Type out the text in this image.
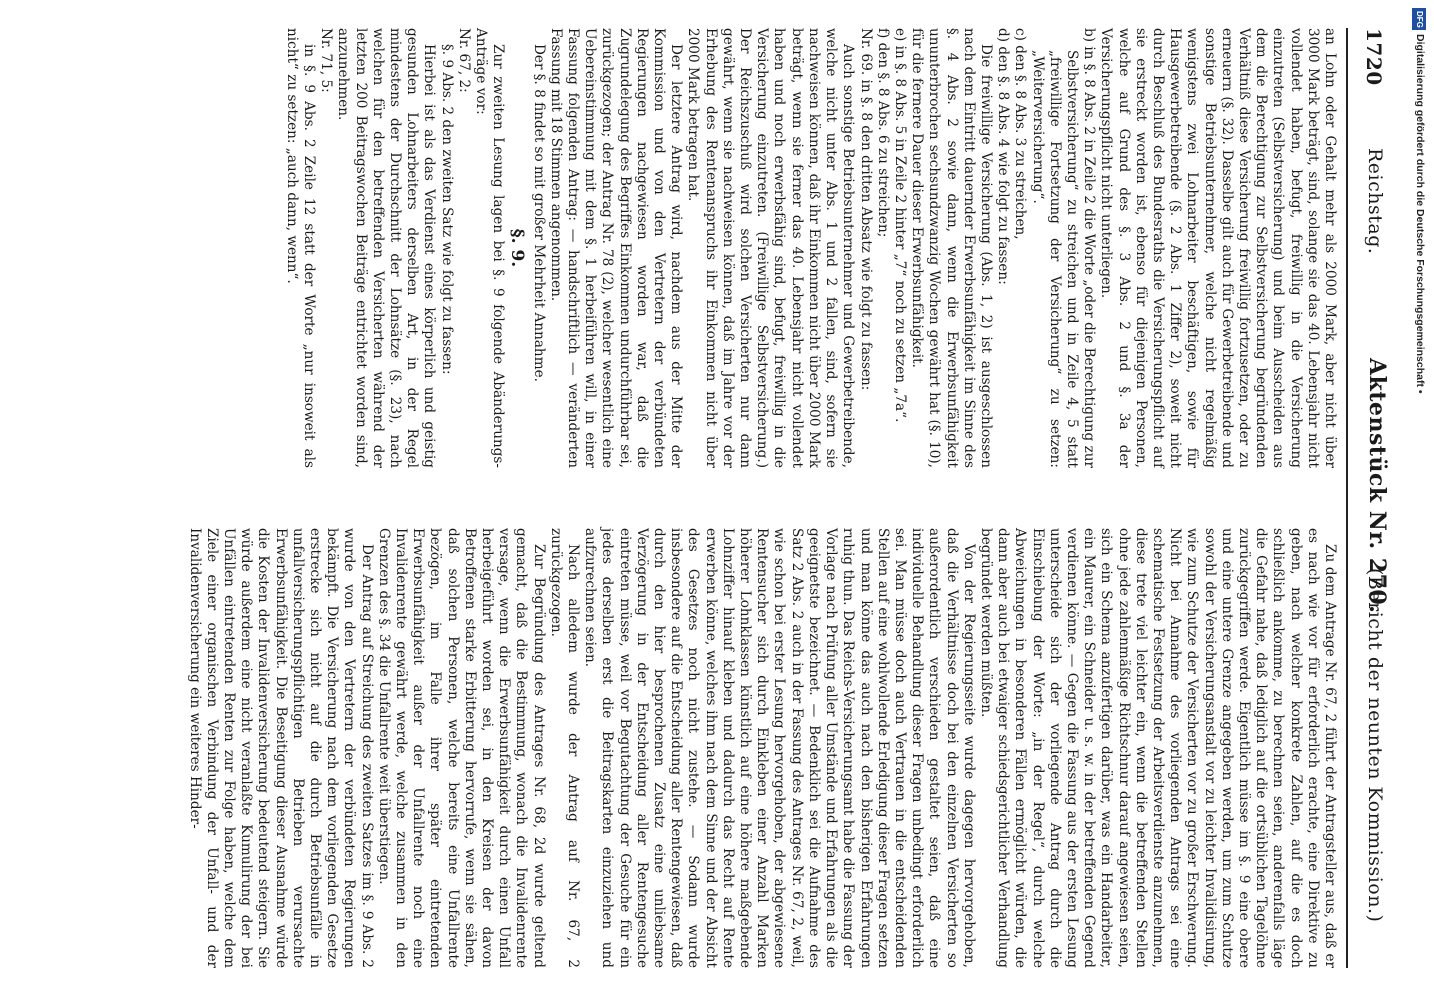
1720
Reichstag.
Aktenstück Nr. 270.
(Bericht der neunten Kommission.)

an Lohn oder Gehalt mehr als 2000 Mark, aber nicht über 3000 Mark beträgt, sind, solange sie das 40. Lebensjahr nicht vollendet haben, befugt, freiwillig in die Versicherung einzutreten (Selbstversicherung) und beim Ausscheiden aus dem die Berechtigung zur Selbstversicherung begründenden Verhältniß diese Versicherung freiwillig fortzusetzen, oder zu erneuern (§. 32). Dasselbe gilt auch für Gewerbetreibende und sonstige Betriebsunternehmer, welche nicht regelmäßig wenigstens zwei Lohnarbeiter beschäftigen, sowie für Hausgewerbetreibende (§. 2 Abs. 1 Ziffer 2), soweit nicht durch Beschluß des Bundesraths die Versicherungspflicht auf sie erstreckt worden ist, ebenso für diejenigen Personen, welche auf Grund des §. 3 Abs. 2 und §. 3a der Versicherungspflicht nicht unterliegen.

b) in §. 8 Abs. 2 in Zeile 2 die Worte „oder die Berechtigung zur Selbstversicherung“ zu streichen und in Zeile 4, 5 statt „freiwillige Fortsetzung der Versicherung“ zu setzen: „Weiterversicherung“.

c) den §. 8 Abs. 3 zu streichen,

d) den §. 8 Abs. 4 wie folgt zu fassen:

Die freiwillige Versicherung (Abs. 1, 2) ist ausgeschlossen nach dem Eintritt dauernder Erwerbsunfähigkeit im Sinne des §. 4 Abs. 2 sowie dann, wenn die Erwerbsunfähigkeit ununterbrochen sechsundzwanzig Wochen gewährt hat (§. 10), für die fernere Dauer dieser Erwerbsunfähigkeit.

e) in §. 8 Abs. 5 in Zeile 2 hinter „7“ noch zu setzen „7a“.

f) den §. 8 Abs. 6 zu streichen;

Nr. 69. in §. 8 den dritten Absatz wie folgt zu fassen:

Auch sonstige Betriebsunternehmer und Gewerbetreibende, welche nicht unter Abs. 1 und 2 fallen, sind, sofern sie nachweisen können, daß ihr Einkommen nicht über 2000 Mark beträgt, wenn sie ferner das 40. Lebensjahr nicht vollendet haben und noch erwerbsfähig sind, befugt, freiwillig in die Versicherung einzutreten. (Freiwillige Selbstversicherung.) Der Reichszuschuß wird solchen Versicherten nur dann gewährt, wenn sie nachweisen können, daß im Jahre vor der Erhebung des Rentenanspruchs ihr Einkommen nicht über 2000 Mark betragen hat.

Der letztere Antrag wird, nachdem aus der Mitte der Kommission und von den Vertretern der verbündeten Regierungen nachgewiesen worden war, daß die Zugrundelegung des Begriffes Einkommen undurchführbar sei, zurückgezogen; der Antrag Nr. 78 (2), welcher wesentlich eine Uebereinstimmung mit dem §. 1 herbeiführen will, in einer Fassung folgenden Antrag: — handschriftlich — veränderten Fassung mit 18 Stimmen angenommen.

Der §. 8 findet so mit großer Mehrheit Annahme.

§. 9.

Zur zweiten Lesung lagen bei §. 9 folgende Abänderungs-Anträge vor:

Nr. 67, 2:

§. 9 Abs. 2 den zweiten Satz wie folgt zu fassen:

Hierbei ist als das Verdienst eines körperlich und geistig gesunden Lohnarbeiters derselben Art, in der Regel mindestens der Durchschnitt der Lohnsätze (§. 23), nach welchen für den betreffenden Versicherten während der letzten 200 Beitragswochen Beiträge entrichtet worden sind, anzunehmen.

Nr. 71, 5:

in §. 9 Abs. 2 Zeile 12 statt der Worte „nur insoweit als nicht“ zu setzen: „auch dann, wenn“.

Zu dem Antrage Nr. 67, 2 führt der Antragsteller aus, daß er es nach wie vor für erforderlich erachte, eine Direktive zu geben, nach welcher konkrete Zahlen, auf die es doch schließlich ankomme, zu berechnen seien, anderenfalls läge die Gefahr nahe, daß lediglich auf die ortsüblichen Tagelöhne zurückgegriffen werde. Eigentlich müsse im §. 9 eine obere und eine untere Grenze angegeben werden, um zum Schutze sowohl der Versicherungsanstalt vor zu leichter Invalidisirung, wie zum Schutze der Versicherten vor zu großer Erschwerung. Nicht bei Annahme des vorliegenden Antrags sei eine schematische Festsetzung der Arbeitsverdienste anzunehmen, diese trete viel leichter ein, wenn die betreffenden Stellen ohne jede zahlenmäßige Richtschnur darauf angewiesen seien, sich ein Schema anzufertigen darüber, was ein Handarbeiter, ein Maurer, ein Schneider u. s. w. in der betreffenden Gegend verdienen könne. — Gegen die Fassung aus der ersten Lesung unterscheide sich der vorliegende Antrag durch die Einschiebung der Worte: „in der Regel“, durch welche Abweichungen in besonderen Fällen ermöglicht würden, die dann aber auch bei etwaiger schiedsgerichtlicher Verhandlung begründet werden müßten.

Von der Regierungsseite wurde dagegen hervorgehoben, daß die Verhältnisse doch bei den einzelnen Versicherten so außerordentlich verschieden gestaltet seien, daß eine individuelle Behandlung dieser Fragen unbedingt erforderlich sei. Man müsse doch auch Vertrauen in die entscheidenden Stellen auf eine wohlwollende Erledigung dieser Fragen setzen und man könne das auch nach den bisherigen Erfahrungen ruhig thun. Das Reichs-Versicherungsamt habe die Fassung der Vorlage nach Prüfung aller Umstände und Erfahrungen als die geeignetste bezeichnet. — Bedenklich sei die Aufnahme des Satz 2 Abs. 2 auch in der Fassung des Antrages Nr. 67, 2, weil, wie schon bei erster Lesung hervorgehoben, der abgewiesene Rentensucher sich durch Einkleben einer Anzahl Marken höherer Lohnklassen künstlich auf eine höhere maßgebende Lohnziffer hinauf kleben und dadurch das Recht auf Rente erwerben könne, welches ihm nach dem Sinne und der Absicht des Gesetzes noch nicht zustehe. — Sodann wurde insbesondere auf die Entscheidung aller Rentengewiesen, daß durch den hier besprochenen Zusatz eine unliebsame Verzögerung in der Entscheidung aller Rentengesuche eintreten müsse, weil vor Begutachtung der Gesuche für ein jedes derselben erst die Beitragskarten einzuziehen und aufzurechnen seien.

Nach alledem wurde der Antrag auf Nr. 67, 2 zurückgezogen.

Zur Begründung des Antrages Nr. 68, 2d wurde geltend gemacht, daß die Bestimmung, wonach die Invalidenrente versage, wenn die Erwerbsunfähigkeit durch einen Unfall herbeigeführt worden sei, in den Kreisen der davon Betroffenen starke Erbitterung hervorrufe, wenn sie sähen, daß solchen Personen, welche bereits eine Unfallrente bezögen, im Falle ihrer später eintretenden Erwerbsunfähigkeit außer der Unfallrente noch eine Invalidenrente gewährt werde, welche zusammen in den Grenzen des §. 34 die Unfallrente weit überstiegen.

Der Antrag auf Streichung des zweiten Satzes im §. 9 Abs. 2 wurde von den Vertretern der verbündeten Regierungen bekämpft. Die Versicherung nach dem vorliegenden Gesetze erstrecke sich nicht auf die durch Betriebsunfälle in unfallversicherungspflichtigen Betrieben verursachte Erwerbsunfähigkeit. Die Beseitigung dieser Ausnahme würde die Kosten der Invalidenversicherung bedeutend steigern. Sie würde außerdem eine nicht veranlaßte Kumulirung der bei Unfällen eintretenden Renten zur Folge haben, welche dem Ziele einer organischen Verbindung der Unfall- und der Invalidenversicherung ein weiteres Hinder-

DFG
Digitalisierung gefördert durch die Deutsche Forschungsgemeinschaft •
